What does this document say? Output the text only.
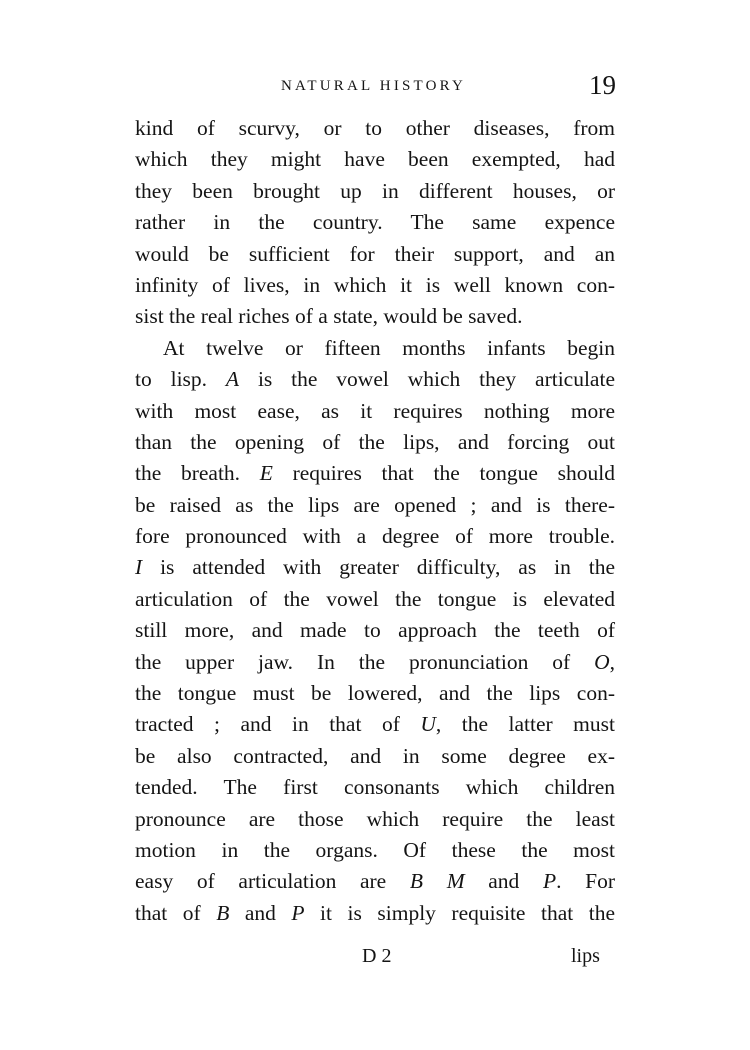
NATURAL HISTORY	19
kind of scurvy, or to other diseases, from
which they might have been exempted, had
they been brought up in different houses, or
rather in the country. The same expence
would be sufficient for their support, and an
infinity of lives, in which it is well known con-
sist the real riches of a state, would be saved.
At twelve or fifteen months infants begin
to lisp. A is the vowel which they articulate
with most ease, as it requires nothing more
than the opening of the lips, and forcing out
the breath. E requires that the tongue should
be raised as the lips are opened ; and is there-
fore pronounced with a degree of more trouble.
I is attended with greater difficulty, as in the
articulation of the vowel the tongue is elevated
still more, and made to approach the teeth of
the upper jaw. In the pronunciation of O,
the tongue must be lowered, and the lips con-
tracted ; and in that of U, the latter must
be also contracted, and in some degree ex-
tended. The first consonants which children
pronounce are those which require the least
motion in the organs. Of these the most
easy of articulation are B M and P. For
that of B and P it is simply requisite that the
D 2	lips
